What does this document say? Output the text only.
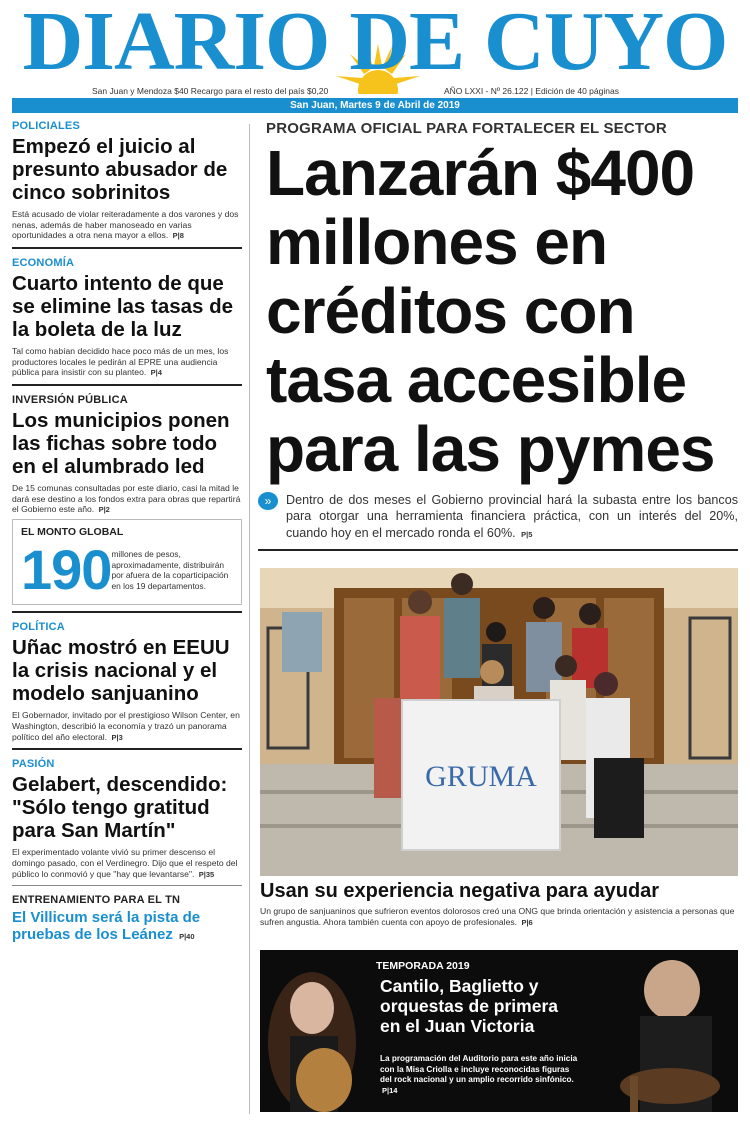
DIARIO DE CUYO
San Juan y Mendoza $40 Recargo para el resto del país $0,20	AÑO LXXI - Nº 26.122 | Edición de 40 páginas
San Juan, Martes 9 de Abril de 2019
POLICIALES
Empezó el juicio al presunto abusador de cinco sobrinitos
Está acusado de violar reiteradamente a dos varones y dos nenas, además de haber manoseado en varias oportunidades a otra nena mayor a ellos. P|8
ECONOMÍA
Cuarto intento de que se elimine las tasas de la boleta de la luz
Tal como habían decidido hace poco más de un mes, los productores locales le pedirán al EPRE una audiencia pública para insistir con su planteo. P|4
INVERSIÓN PÚBLICA
Los municipios ponen las fichas sobre todo en el alumbrado led
De 15 comunas consultadas por este diario, casi la mitad le dará ese destino a los fondos extra para obras que repartirá el Gobierno este año. P|2
EL MONTO GLOBAL
190 millones de pesos, aproximadamente, distribuirán por afuera de la coparticipación en los 19 departamentos.
POLÍTICA
Uñac mostró en EEUU la crisis nacional y el modelo sanjuanino
El Gobernador, invitado por el prestigioso Wilson Center, en Washington, describió la economía y trazó un panorama político del año electoral. P|3
PASIÓN
Gelabert, descendido: "Sólo tengo gratitud para San Martín"
El experimentado volante vivió su primer descenso el domingo pasado, con el Verdinegro. Dijo que el respeto del público lo conmovió y que "hay que levantarse". P|35
ENTRENAMIENTO PARA EL TN
El Villicum será la pista de pruebas de los Leánez P|40
PROGRAMA OFICIAL PARA FORTALECER EL SECTOR
Lanzarán $400 millones en créditos con tasa accesible para las pymes
»	Dentro de dos meses el Gobierno provincial hará la subasta entre los bancos para otorgar una herramienta financiera práctica, con un interés del 20%, cuando hoy en el mercado ronda el 60%. P|5
GRUMA
Usan su experiencia negativa para ayudar
Un grupo de sanjuaninos que sufrieron eventos dolorosos creó una ONG que brinda orientación y asistencia a personas que sufren angustia. Ahora también cuenta con apoyo de profesionales. P|6
TEMPORADA 2019
Cantilo, Baglietto y orquestas de primera en el Juan Victoria
La programación del Auditorio para este año inicia con la Misa Criolla e incluye reconocidas figuras del rock nacional y un amplio recorrido sinfónico. P|14
